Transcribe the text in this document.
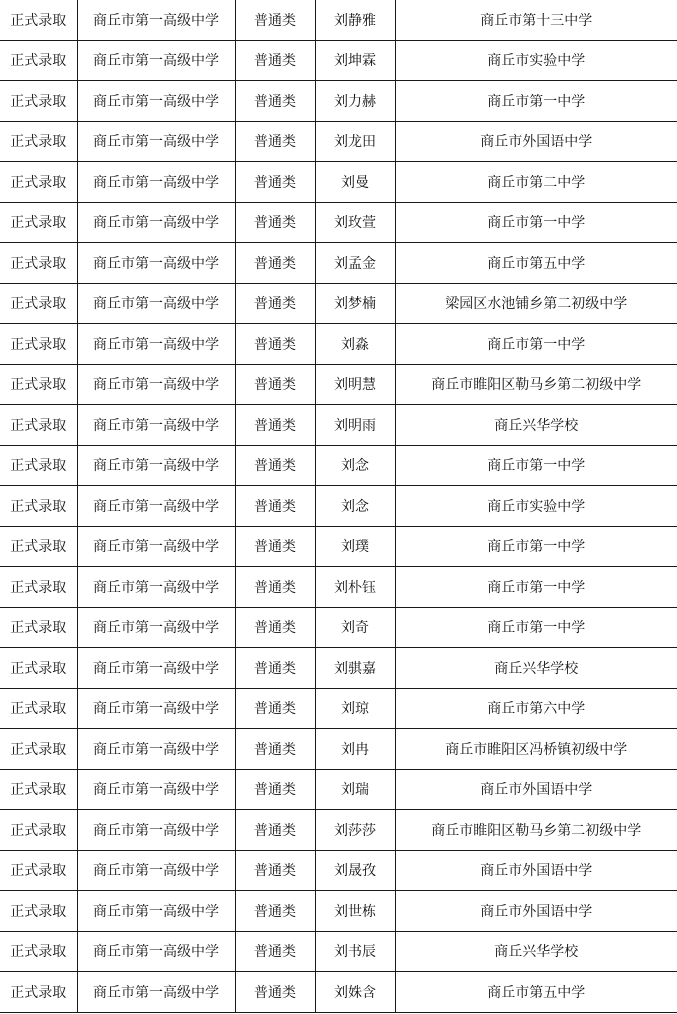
正式录取	商丘市第一高级中学	普通类	刘静雅	商丘市第十三中学
正式录取	商丘市第一高级中学	普通类	刘坤霖	商丘市实验中学
正式录取	商丘市第一高级中学	普通类	刘力赫	商丘市第一中学
正式录取	商丘市第一高级中学	普通类	刘龙田	商丘市外国语中学
正式录取	商丘市第一高级中学	普通类	刘曼	商丘市第二中学
正式录取	商丘市第一高级中学	普通类	刘玫萱	商丘市第一中学
正式录取	商丘市第一高级中学	普通类	刘孟金	商丘市第五中学
正式录取	商丘市第一高级中学	普通类	刘梦楠	梁园区水池铺乡第二初级中学
正式录取	商丘市第一高级中学	普通类	刘淼	商丘市第一中学
正式录取	商丘市第一高级中学	普通类	刘明慧	商丘市睢阳区勒马乡第二初级中学
正式录取	商丘市第一高级中学	普通类	刘明雨	商丘兴华学校
正式录取	商丘市第一高级中学	普通类	刘念	商丘市第一中学
正式录取	商丘市第一高级中学	普通类	刘念	商丘市实验中学
正式录取	商丘市第一高级中学	普通类	刘璞	商丘市第一中学
正式录取	商丘市第一高级中学	普通类	刘朴钰	商丘市第一中学
正式录取	商丘市第一高级中学	普通类	刘奇	商丘市第一中学
正式录取	商丘市第一高级中学	普通类	刘骐嘉	商丘兴华学校
正式录取	商丘市第一高级中学	普通类	刘琼	商丘市第六中学
正式录取	商丘市第一高级中学	普通类	刘冉	商丘市睢阳区冯桥镇初级中学
正式录取	商丘市第一高级中学	普通类	刘瑞	商丘市外国语中学
正式录取	商丘市第一高级中学	普通类	刘莎莎	商丘市睢阳区勒马乡第二初级中学
正式录取	商丘市第一高级中学	普通类	刘晟孜	商丘市外国语中学
正式录取	商丘市第一高级中学	普通类	刘世栋	商丘市外国语中学
正式录取	商丘市第一高级中学	普通类	刘书辰	商丘兴华学校
正式录取	商丘市第一高级中学	普通类	刘姝含	商丘市第五中学
